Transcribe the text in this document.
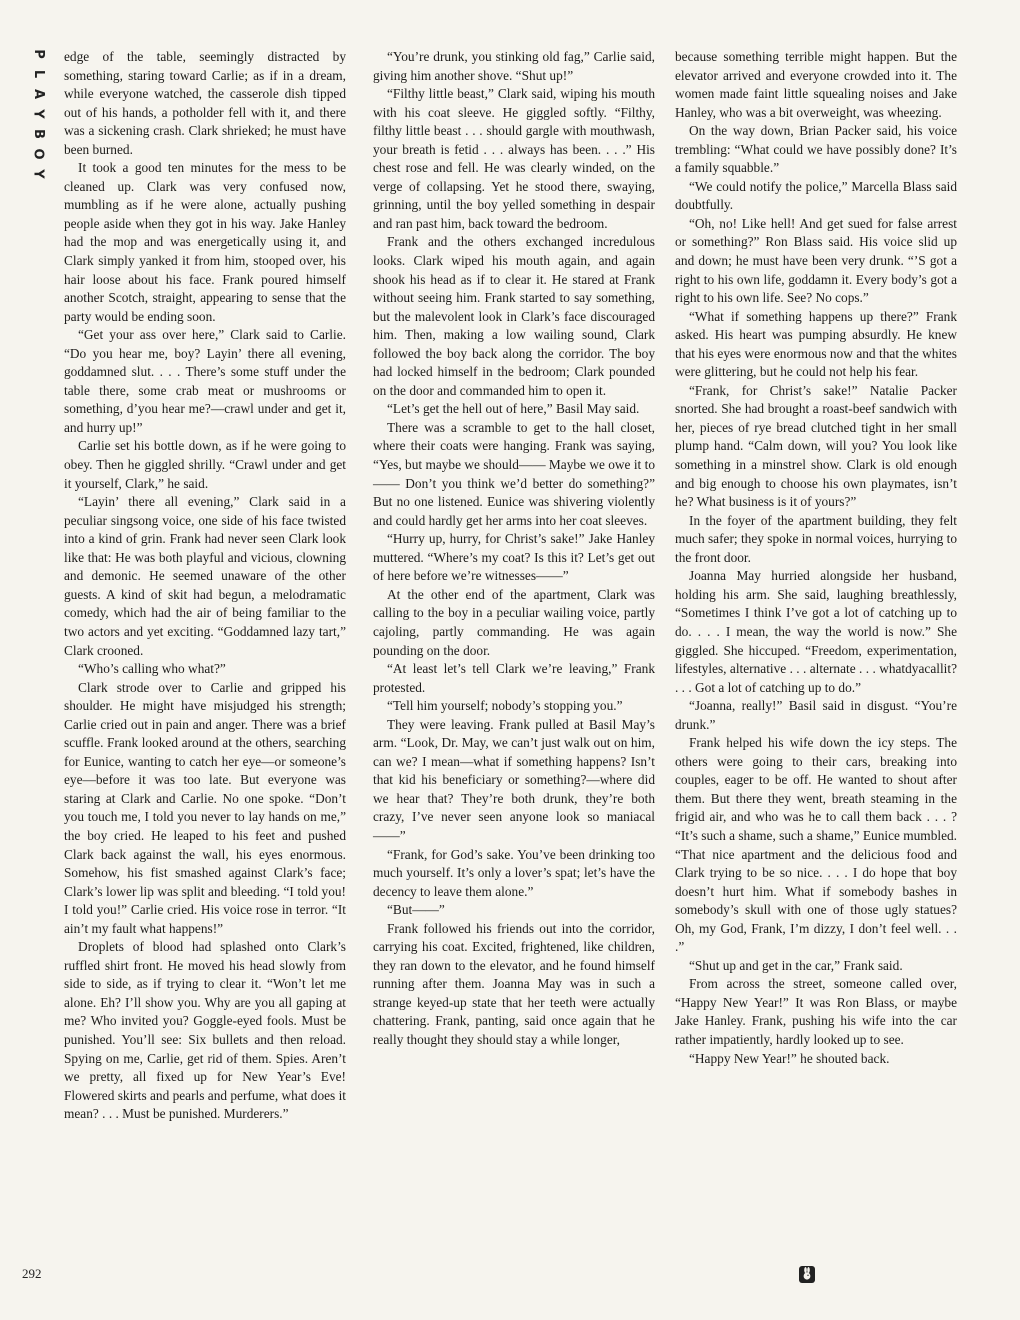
P
L
A
Y
B
O
Y

edge of the table, seemingly distracted by something, staring toward Carlie; as if in a dream, while everyone watched, the casserole dish tipped out of his hands, a potholder fell with it, and there was a sickening crash. Clark shrieked; he must have been burned.

It took a good ten minutes for the mess to be cleaned up. Clark was very confused now, mumbling as if he were alone, actually pushing people aside when they got in his way. Jake Hanley had the mop and was energetically using it, and Clark simply yanked it from him, stooped over, his hair loose about his face. Frank poured himself another Scotch, straight, appearing to sense that the party would be ending soon.

“Get your ass over here,” Clark said to Carlie. “Do you hear me, boy? Layin’ there all evening, goddamned slut. . . . There’s some stuff under the table there, some crab meat or mushrooms or something, d’you hear me?—crawl under and get it, and hurry up!”

Carlie set his bottle down, as if he were going to obey. Then he giggled shrilly. “Crawl under and get it yourself, Clark,” he said.

“Layin’ there all evening,” Clark said in a peculiar singsong voice, one side of his face twisted into a kind of grin. Frank had never seen Clark look like that: He was both playful and vicious, clowning and demonic. He seemed unaware of the other guests. A kind of skit had begun, a melodramatic comedy, which had the air of being familiar to the two actors and yet exciting. “Goddamned lazy tart,” Clark crooned.

“Who’s calling who what?”

Clark strode over to Carlie and gripped his shoulder. He might have misjudged his strength; Carlie cried out in pain and anger. There was a brief scuffle. Frank looked around at the others, searching for Eunice, wanting to catch her eye—or someone’s eye—before it was too late. But everyone was staring at Clark and Carlie. No one spoke. “Don’t you touch me, I told you never to lay hands on me,” the boy cried. He leaped to his feet and pushed Clark back against the wall, his eyes enormous. Somehow, his fist smashed against Clark’s face; Clark’s lower lip was split and bleeding. “I told you! I told you!” Carlie cried. His voice rose in terror. “It ain’t my fault what happens!”

Droplets of blood had splashed onto Clark’s ruffled shirt front. He moved his head slowly from side to side, as if trying to clear it. “Won’t let me alone. Eh? I’ll show you. Why are you all gaping at me? Who invited you? Goggle-eyed fools. Must be punished. You’ll see: Six bullets and then reload. Spying on me, Carlie, get rid of them. Spies. Aren’t we pretty, all fixed up for New Year’s Eve! Flowered skirts and pearls and perfume, what does it mean? . . . Must be punished. Murderers.”

“You’re drunk, you stinking old fag,” Carlie said, giving him another shove. “Shut up!”

“Filthy little beast,” Clark said, wiping his mouth with his coat sleeve. He giggled softly. “Filthy, filthy little beast . . . should gargle with mouthwash, your breath is fetid . . . always has been. . . .” His chest rose and fell. He was clearly winded, on the verge of collapsing. Yet he stood there, swaying, grinning, until the boy yelled something in despair and ran past him, back toward the bedroom.

Frank and the others exchanged incredulous looks. Clark wiped his mouth again, and again shook his head as if to clear it. He stared at Frank without seeing him. Frank started to say something, but the malevolent look in Clark’s face discouraged him. Then, making a low wailing sound, Clark followed the boy back along the corridor. The boy had locked himself in the bedroom; Clark pounded on the door and commanded him to open it.

“Let’s get the hell out of here,” Basil May said.

There was a scramble to get to the hall closet, where their coats were hanging. Frank was saying, “Yes, but maybe we should—— Maybe we owe it to—— Don’t you think we’d better do something?” But no one listened. Eunice was shivering violently and could hardly get her arms into her coat sleeves.

“Hurry up, hurry, for Christ’s sake!” Jake Hanley muttered. “Where’s my coat? Is this it? Let’s get out of here before we’re witnesses——”

At the other end of the apartment, Clark was calling to the boy in a peculiar wailing voice, partly cajoling, partly commanding. He was again pounding on the door.

“At least let’s tell Clark we’re leaving,” Frank protested.

“Tell him yourself; nobody’s stopping you.”

They were leaving. Frank pulled at Basil May’s arm. “Look, Dr. May, we can’t just walk out on him, can we? I mean—what if something happens? Isn’t that kid his beneficiary or something?—where did we hear that? They’re both drunk, they’re both crazy, I’ve never seen anyone look so maniacal——”

“Frank, for God’s sake. You’ve been drinking too much yourself. It’s only a lover’s spat; let’s have the decency to leave them alone.”

“But——”

Frank followed his friends out into the corridor, carrying his coat. Excited, frightened, like children, they ran down to the elevator, and he found himself running after them. Joanna May was in such a strange keyed-up state that her teeth were actually chattering. Frank, panting, said once again that he really thought they should stay a while longer,

because something terrible might happen. But the elevator arrived and everyone crowded into it. The women made faint little squealing noises and Jake Hanley, who was a bit overweight, was wheezing.

On the way down, Brian Packer said, his voice trembling: “What could we have possibly done? It’s a family squabble.”

“We could notify the police,” Marcella Blass said doubtfully.

“Oh, no! Like hell! And get sued for false arrest or something?” Ron Blass said. His voice slid up and down; he must have been very drunk. “’S got a right to his own life, goddamn it. Every body’s got a right to his own life. See? No cops.”

“What if something happens up there?” Frank asked. His heart was pumping absurdly. He knew that his eyes were enormous now and that the whites were glittering, but he could not help his fear.

“Frank, for Christ’s sake!” Natalie Packer snorted. She had brought a roast-beef sandwich with her, pieces of rye bread clutched tight in her small plump hand. “Calm down, will you? You look like something in a minstrel show. Clark is old enough and big enough to choose his own playmates, isn’t he? What business is it of yours?”

In the foyer of the apartment building, they felt much safer; they spoke in normal voices, hurrying to the front door.

Joanna May hurried alongside her husband, holding his arm. She said, laughing breathlessly, “Sometimes I think I’ve got a lot of catching up to do. . . . I mean, the way the world is now.” She giggled. She hiccuped. “Freedom, experimentation, lifestyles, alternative . . . alternate . . . whatdyacallit? . . . Got a lot of catching up to do.”

“Joanna, really!” Basil said in disgust. “You’re drunk.”

Frank helped his wife down the icy steps. The others were going to their cars, breaking into couples, eager to be off. He wanted to shout after them. But there they went, breath steaming in the frigid air, and who was he to call them back . . . ? “It’s such a shame, such a shame,” Eunice mumbled. “That nice apartment and the delicious food and Clark trying to be so nice. . . . I do hope that boy doesn’t hurt him. What if somebody bashes in somebody’s skull with one of those ugly statues? Oh, my God, Frank, I’m dizzy, I don’t feel well. . . .”

“Shut up and get in the car,” Frank said.

From across the street, someone called over, “Happy New Year!” It was Ron Blass, or maybe Jake Hanley. Frank, pushing his wife into the car rather impatiently, hardly looked up to see.

“Happy New Year!” he shouted back.

292
